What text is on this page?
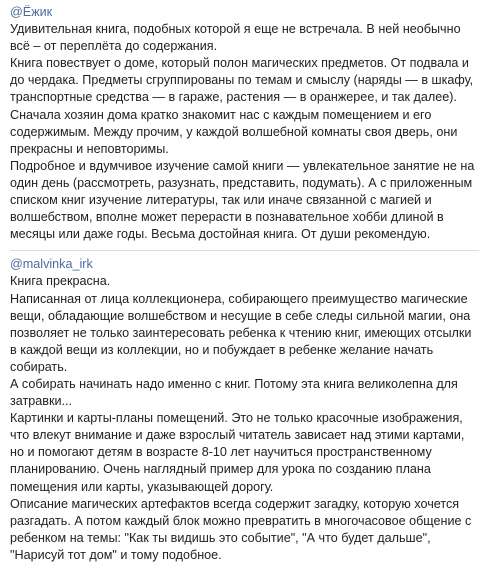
@Ёжик

Удивительная книга, подобных которой я еще не встречала. В ней необычно всё – от переплёта до содержания.

Книга повествует о доме, который полон магических предметов. От подвала и до чердака. Предметы сгруппированы по темам и смыслу (наряды — в шкафу, транспортные средства — в гараже, растения — в оранжерее, и так далее).

Сначала хозяин дома кратко знакомит нас с каждым помещением и его содержимым. Между прочим, у каждой волшебной комнаты своя дверь, они прекрасны и неповторимы.

Подробное и вдумчивое изучение самой книги — увлекательное занятие не на один день (рассмотреть, разузнать, представить, подумать). А с приложенным списком книг изучение литературы, так или иначе связанной с магией и волшебством, вполне может перерасти в познавательное хобби длиной в месяцы или даже годы. Весьма достойная книга. От души рекомендую.

@malvinka_irk

Книга прекрасна.

Написанная от лица коллекционера, собирающего преимущество магические вещи, обладающие волшебством и несущие в себе следы сильной магии, она позволяет не только заинтересовать ребенка к чтению книг, имеющих отсылки в каждой вещи из коллекции, но и побуждает в ребенке желание начать собирать.

А собирать начинать надо именно с книг. Потому эта книга великолепна для затравки...

Картинки и карты-планы помещений. Это не только красочные изображения, что влекут внимание и даже взрослый читатель зависает над этими картами, но и помогают детям в возрасте 8-10 лет научиться пространственному планированию. Очень наглядный пример для урока по созданию плана помещения или карты, указывающей дорогу.

Описание магических артефактов всегда содержит загадку, которую хочется разгадать. А потом каждый блок можно превратить в многочасовое общение с ребенком на темы: "Как ты видишь это событие", "А что будет дальше", "Нарисуй тот дом" и тому подобное.
